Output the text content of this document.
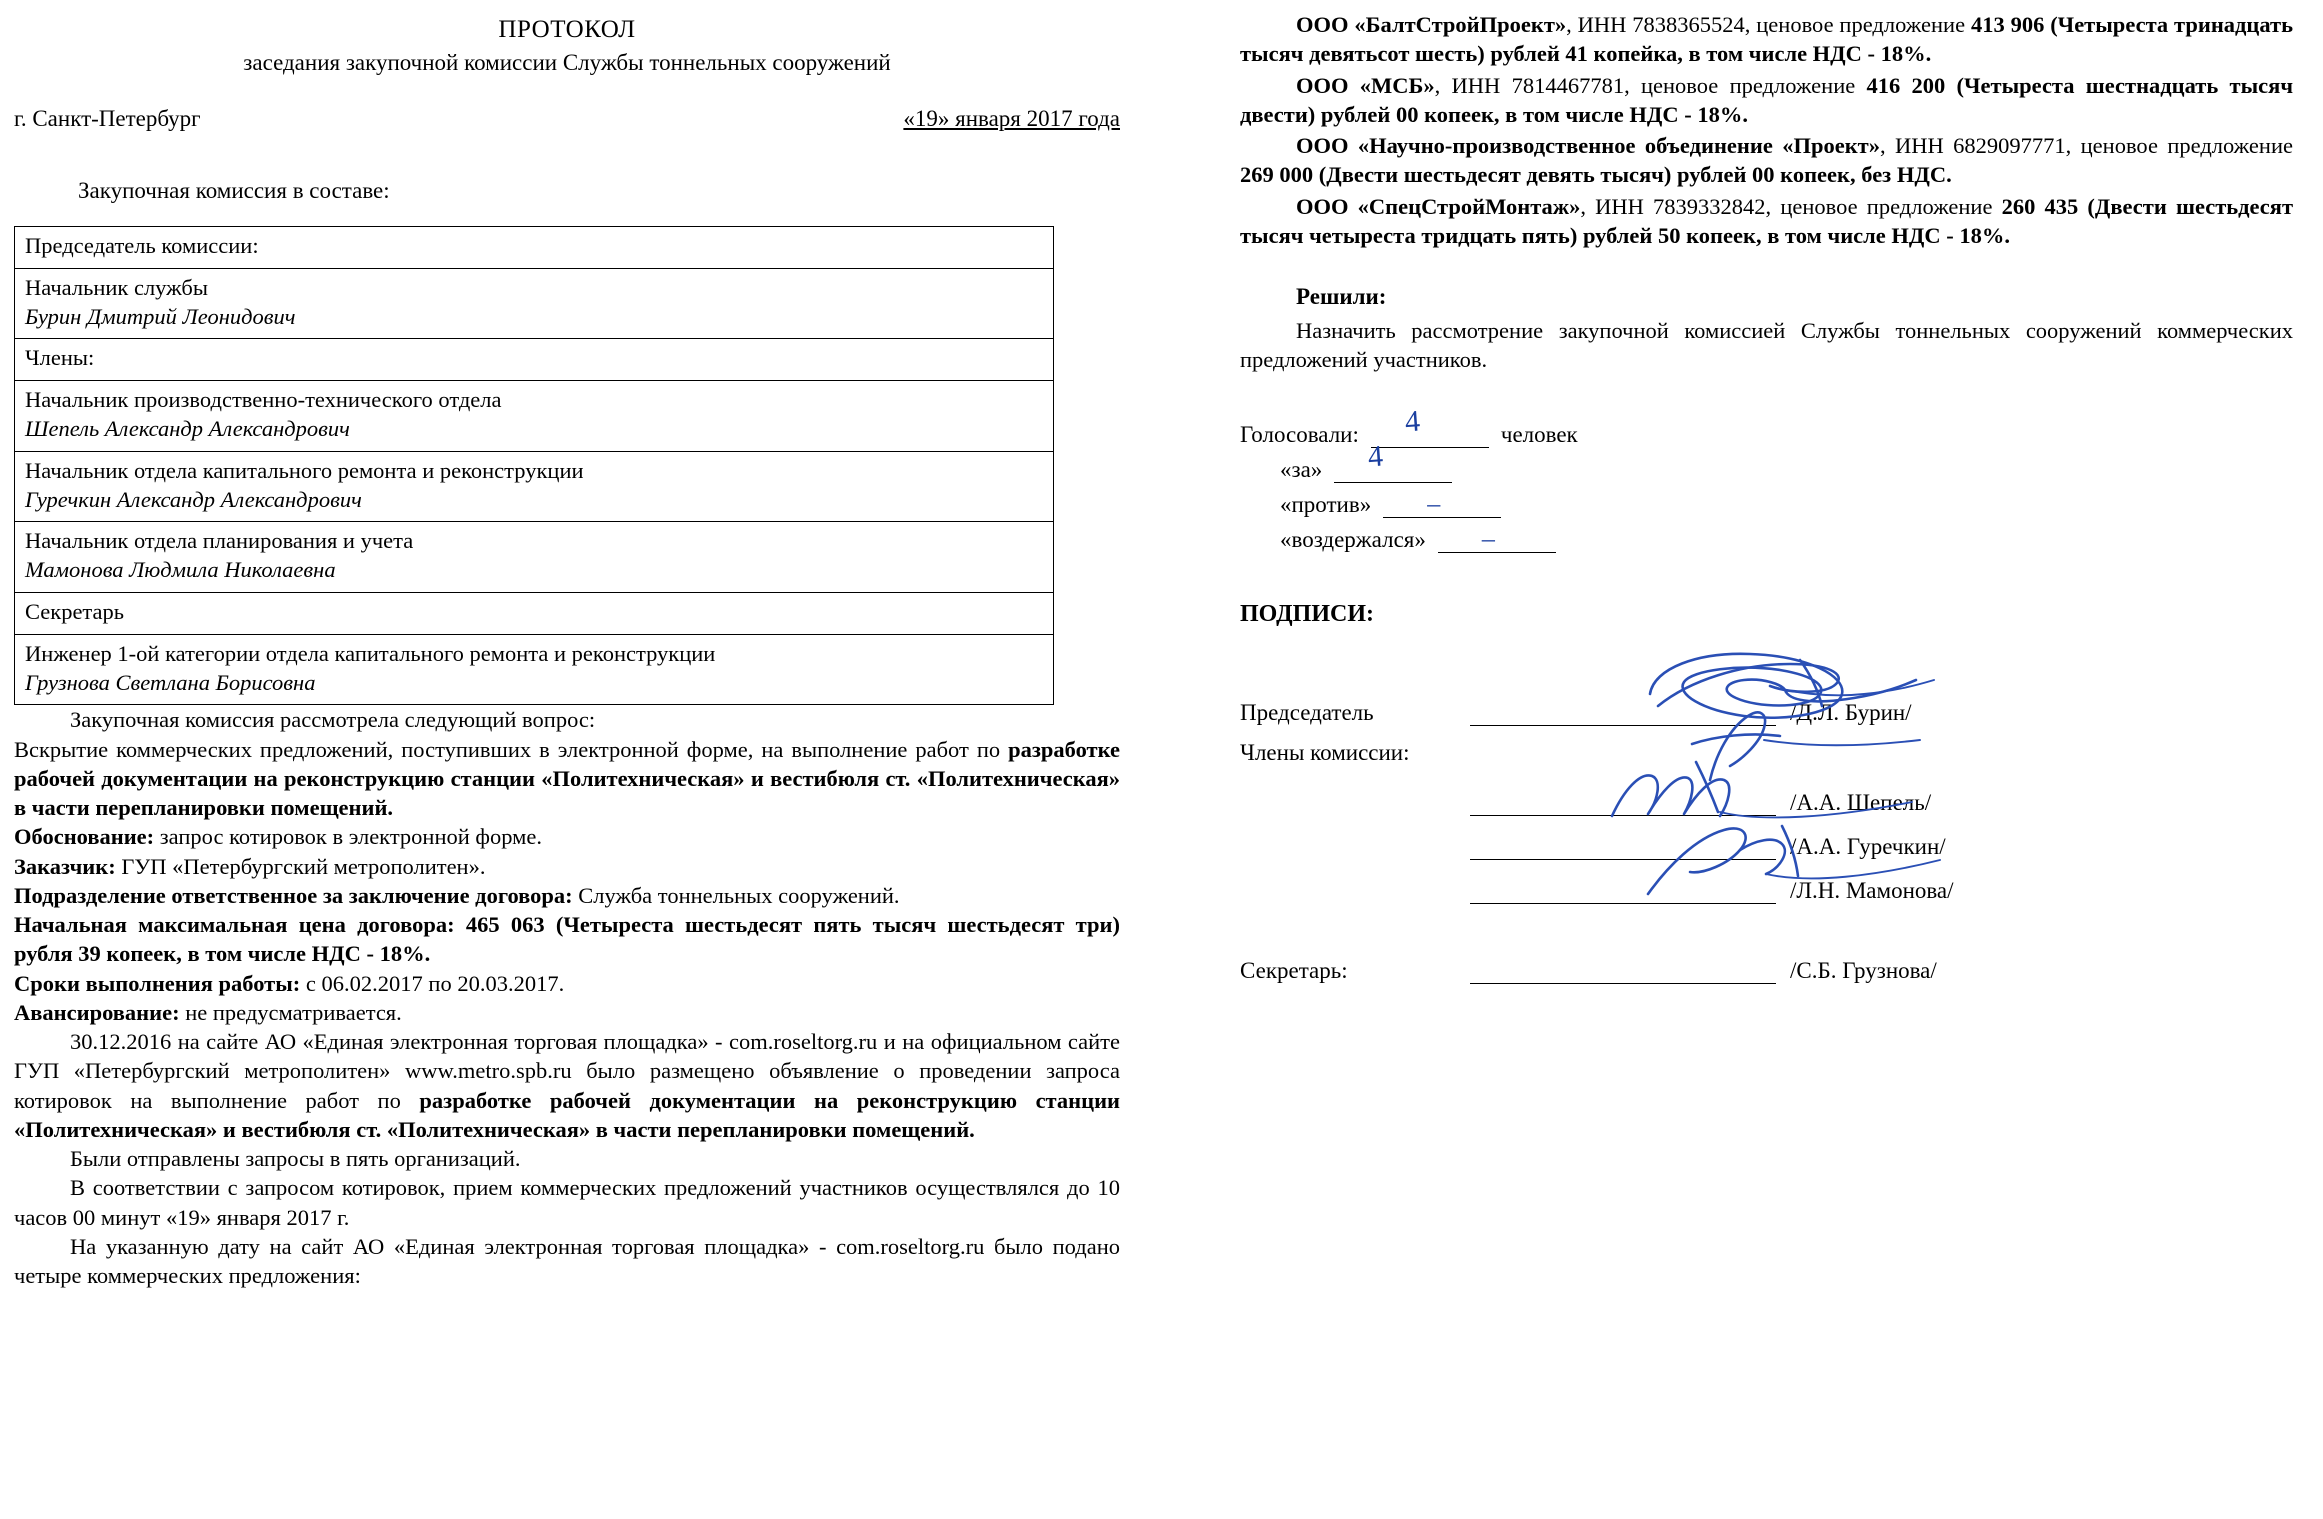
ПРОТОКОЛ
заседания закупочной комиссии Службы тоннельных сооружений
г. Санкт-Петербург	«19» января 2017 года
Закупочная комиссия в составе:
Председатель комиссии:

Начальник службы
Бурин Дмитрий Леонидович

Члены:

Начальник производственно-технического отдела
Шепель Александр Александрович

Начальник отдела капитального ремонта и реконструкции
Гуречкин Александр Александрович

Начальник отдела планирования и учета
Мамонова Людмила Николаевна

Секретарь

Инженер 1-ой категории отдела капитального ремонта и реконструкции
Грузнова Светлана Борисовна

Закупочная комиссия рассмотрела следующий вопрос:

Вскрытие коммерческих предложений, поступивших в электронной форме, на выполнение работ по разработке рабочей документации на реконструкцию станции «Политехническая» и вестибюля ст. «Политехническая» в части перепланировки помещений.

Обоснование: запрос котировок в электронной форме.

Заказчик: ГУП «Петербургский метрополитен».

Подразделение ответственное за заключение договора: Служба тоннельных сооружений.

Начальная максимальная цена договора: 465 063 (Четыреста шестьдесят пять тысяч шестьдесят три) рубля 39 копеек, в том числе НДС - 18%.

Сроки выполнения работы: с 06.02.2017 по 20.03.2017.

Авансирование: не предусматривается.

30.12.2016 на сайте АО «Единая электронная торговая площадка» - com.roseltorg.ru и на официальном сайте ГУП «Петербургский метрополитен» www.metro.spb.ru было размещено объявление о проведении запроса котировок на выполнение работ по разработке рабочей документации на реконструкцию станции «Политехническая» и вестибюля ст. «Политехническая» в части перепланировки помещений.

Были отправлены запросы в пять организаций.

В соответствии с запросом котировок, прием коммерческих предложений участников осуществлялся до 10 часов 00 минут «19» января 2017 г.

На указанную дату на сайт АО «Единая электронная торговая площадка» - com.roseltorg.ru было подано четыре коммерческих предложения:

ООО «БалтСтройПроект», ИНН 7838365524, ценовое предложение 413 906 (Четыреста тринадцать тысяч девятьсот шесть) рублей 41 копейка, в том числе НДС - 18%.

ООО «МСБ», ИНН 7814467781, ценовое предложение 416 200 (Четыреста шестнадцать тысяч двести) рублей 00 копеек, в том числе НДС - 18%.

ООО «Научно-производственное объединение «Проект», ИНН 6829097771, ценовое предложение 269 000 (Двести шестьдесят девять тысяч) рублей 00 копеек, без НДС.

ООО «СпецСтройМонтаж», ИНН 7839332842, ценовое предложение 260 435 (Двести шестьдесят тысяч четыреста тридцать пять) рублей 50 копеек, в том числе НДС - 18%.

Решили:

Назначить рассмотрение закупочной комиссией Службы тоннельных сооружений коммерческих предложений участников.

Голосовали: 4	человек
«за» 4
«против» –
«воздержался» –
ПОДПИСИ:
Председатель	/Д.Л. Бурин/
Члены комиссии:
/А.А. Шепель/
/А.А. Гуречкин/
/Л.Н. Мамонова/
Секретарь:	/С.Б. Грузнова/
